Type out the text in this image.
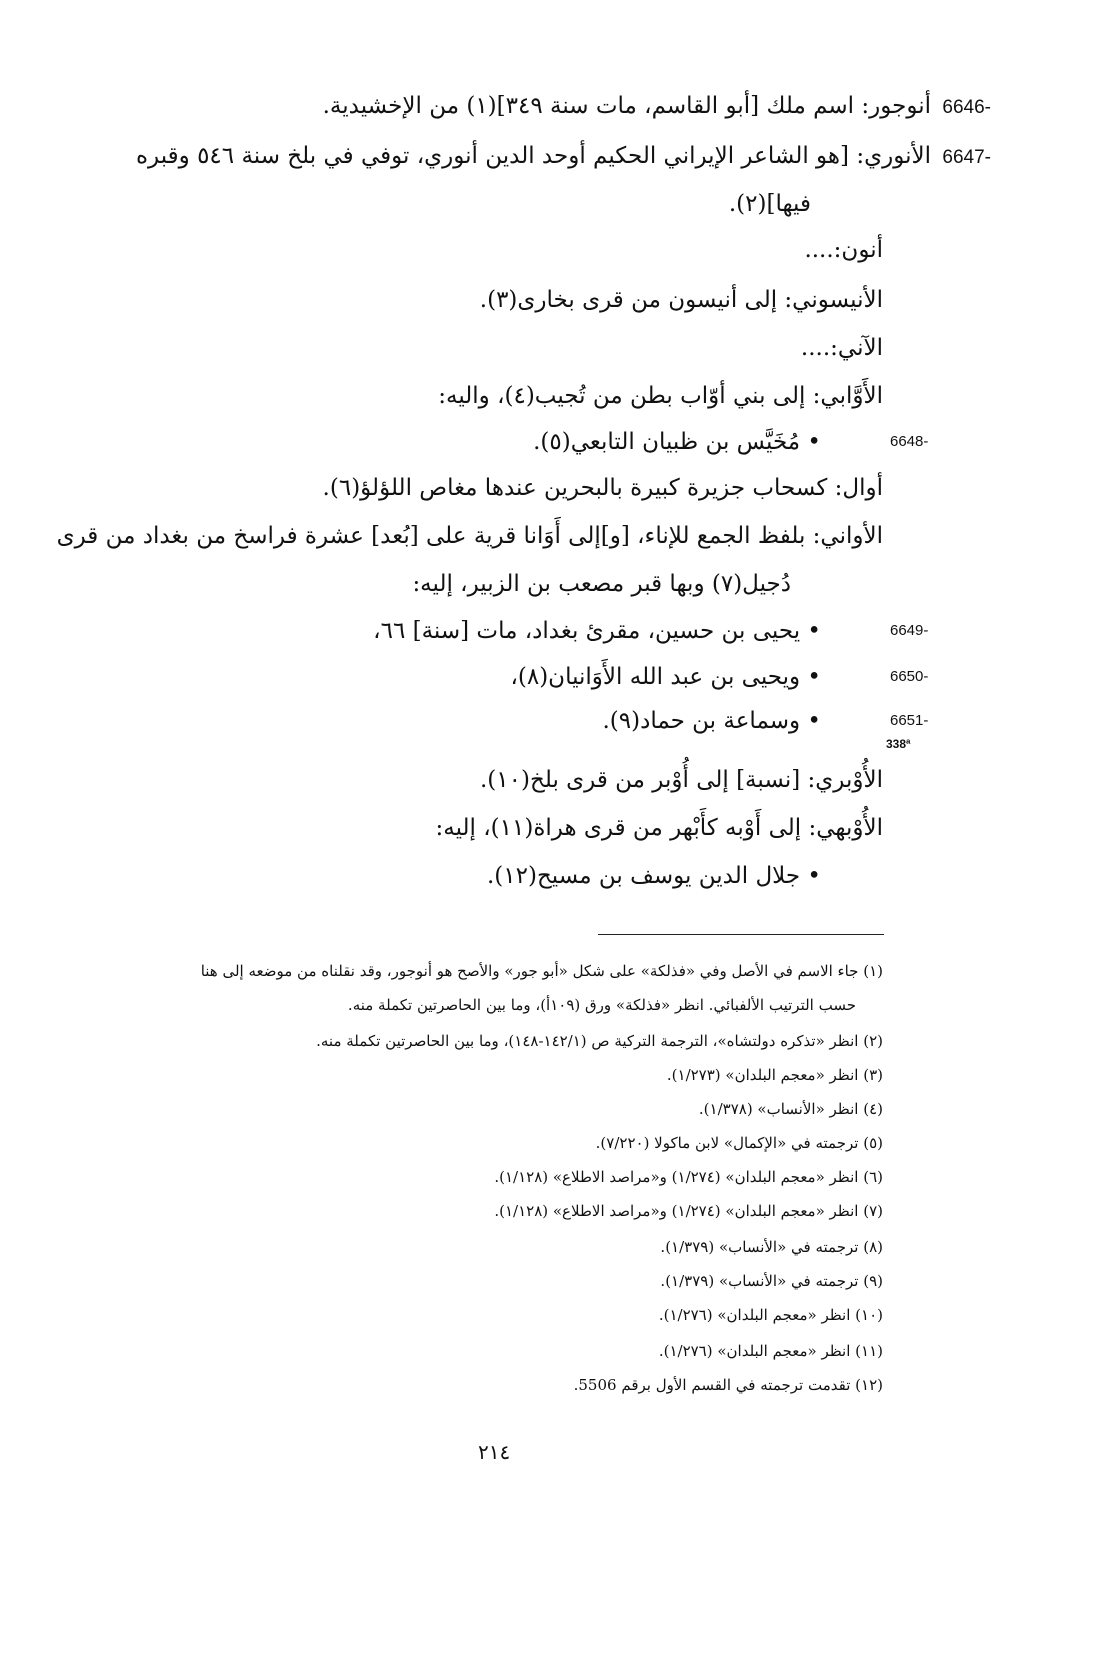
6646-
أنوجور: اسم ملك [أبو القاسم، مات سنة ٣٤٩](١) من الإخشيدية.
6647-
الأنوري: [هو الشاعر الإيراني الحكيم أوحد الدين أنوري، توفي في بلخ سنة ٥٤٦ وقبره
فيها](٢).
أنون:....
الأنيسوني: إلى أنيسون من قرى بخارى(٣).
الآني:....
الأَوَّابي: إلى بني أوّاب بطن من تُجيب(٤)، واليه:
6648-
• مُخَيَّس بن ظبيان التابعي(٥).
أوال: كسحاب جزيرة كبيرة بالبحرين عندها مغاص اللؤلؤ(٦).
الأواني: بلفظ الجمع للإناء، [و]إلى أَوَانا قرية على [بُعد] عشرة فراسخ من بغداد من قرى
دُجيل(٧) وبها قبر مصعب بن الزبير، إليه:
6649-
• يحيى بن حسين، مقرئ بغداد، مات [سنة] ٦٦،
6650-
• ويحيى بن عبد الله الأَوَانيان(٨)،
6651-
• وسماعة بن حماد(٩).
338ª
الأُوْبري: [نسبة] إلى أُوْبر من قرى بلخ(١٠).
الأُوْبهي: إلى أَوْبه كأَبْهر من قرى هراة(١١)، إليه:
• جلال الدين يوسف بن مسيح(١٢).
(١) جاء الاسم في الأصل وفي «فذلكة» على شكل «أبو جور» والأصح هو أنوجور، وقد نقلناه من موضعه إلى هنا
حسب الترتيب الألفبائي. انظر «فذلكة» ورق (١٠٩أ)، وما بين الحاصرتين تكملة منه.
(٢) انظر «تذكره دولتشاه»، الترجمة التركية ص (١٤٢/١-١٤٨)، وما بين الحاصرتين تكملة منه.
(٣) انظر «معجم البلدان» (١/٢٧٣).
(٤) انظر «الأنساب» (١/٣٧٨).
(٥) ترجمته في «الإكمال» لابن ماكولا (٧/٢٢٠).
(٦) انظر «معجم البلدان» (١/٢٧٤) و«مراصد الاطلاع» (١/١٢٨).
(٧) انظر «معجم البلدان» (١/٢٧٤) و«مراصد الاطلاع» (١/١٢٨).
(٨) ترجمته في «الأنساب» (١/٣٧٩).
(٩) ترجمته في «الأنساب» (١/٣٧٩).
(١٠) انظر «معجم البلدان» (١/٢٧٦).
(١١) انظر «معجم البلدان» (١/٢٧٦).
(١٢) تقدمت ترجمته في القسم الأول برقم 5506.
٢١٤
